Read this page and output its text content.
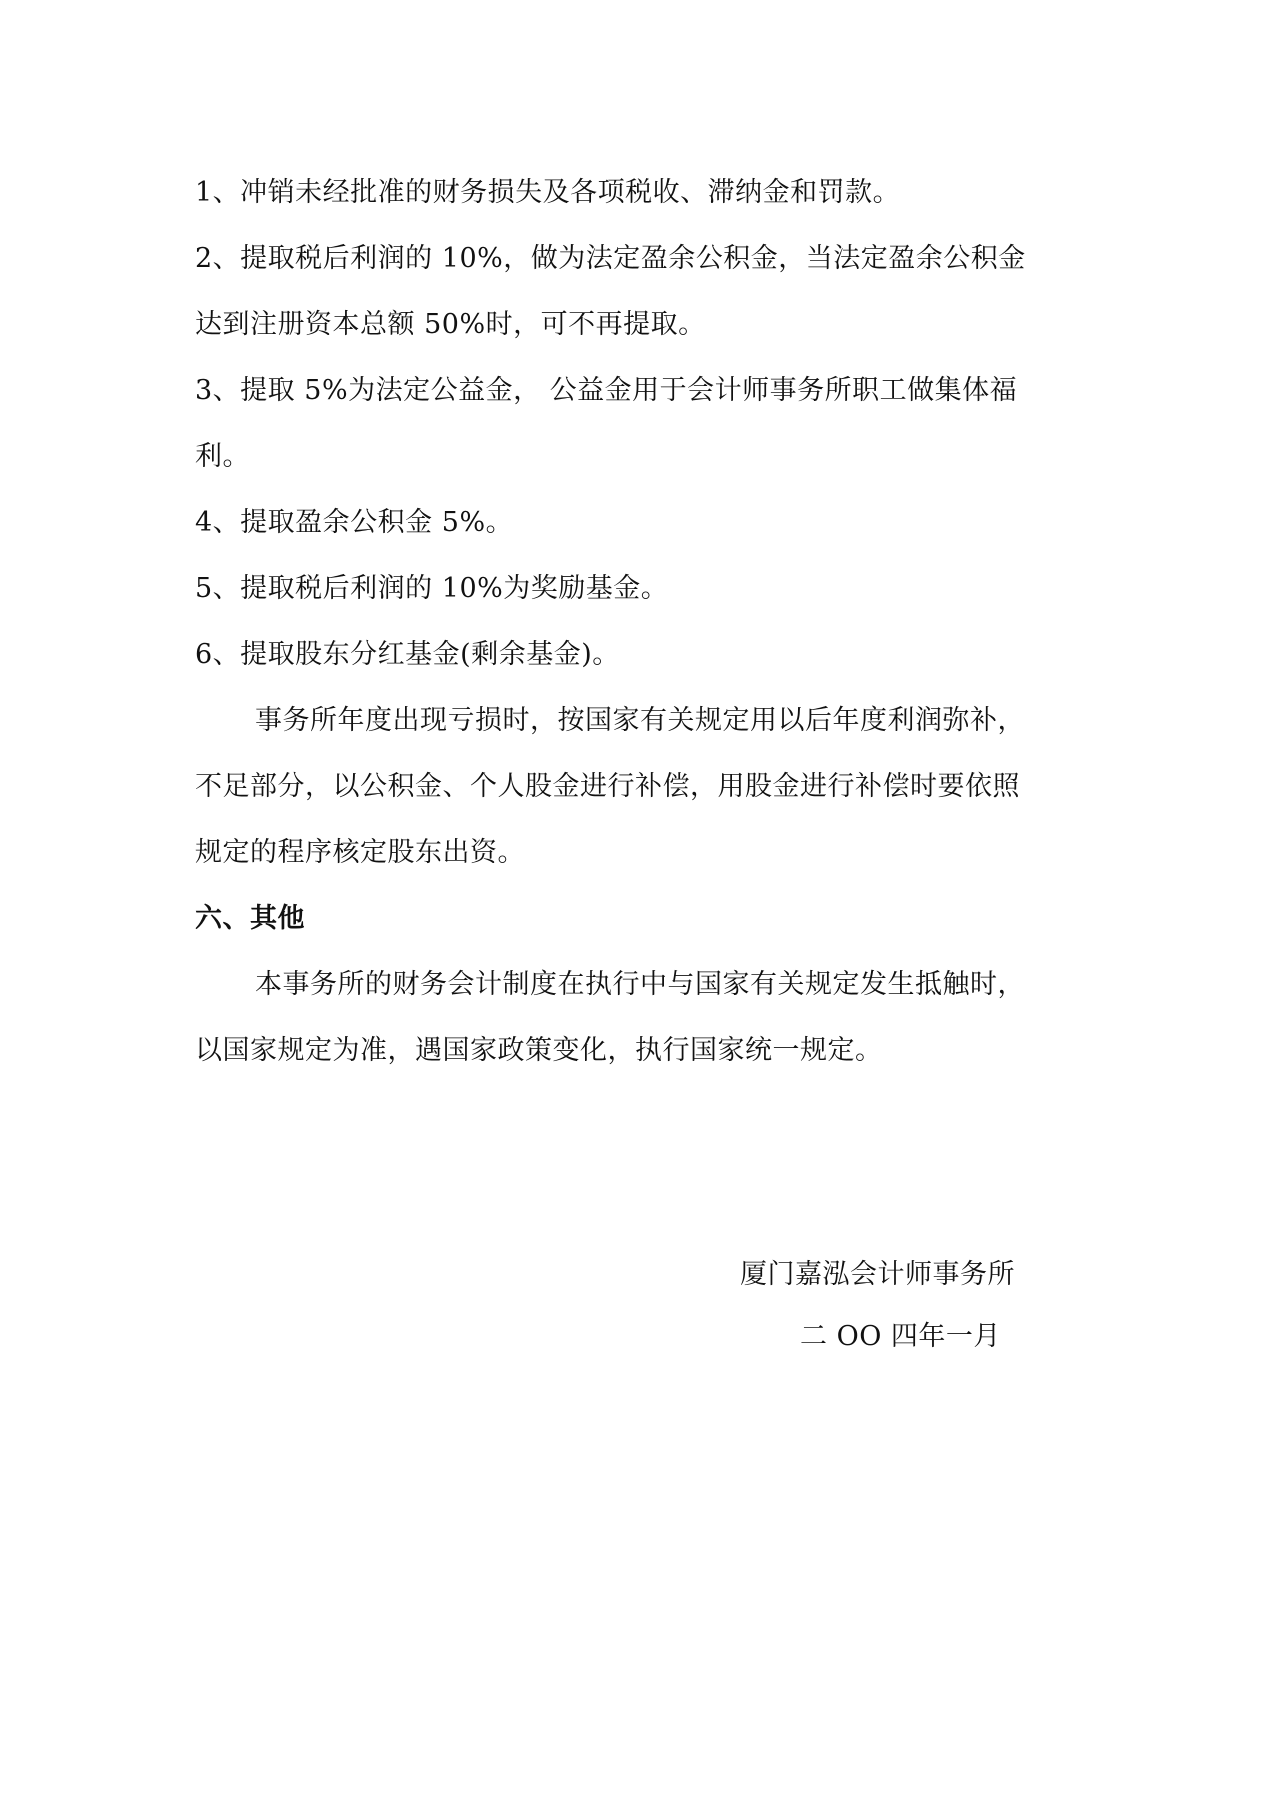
1、冲销未经批准的财务损失及各项税收、滞纳金和罚款。
2、提取税后利润的 10%，做为法定盈余公积金，当法定盈余公积金
达到注册资本总额 50%时，可不再提取。
3、提取 5%为法定公益金， 公益金用于会计师事务所职工做集体福
利。
4、提取盈余公积金 5%。
5、提取税后利润的 10%为奖励基金。
6、提取股东分红基金(剩余基金)。
事务所年度出现亏损时，按国家有关规定用以后年度利润弥补，
不足部分，以公积金、个人股金进行补偿，用股金进行补偿时要依照
规定的程序核定股东出资。
六、其他
本事务所的财务会计制度在执行中与国家有关规定发生抵触时，
以国家规定为准，遇国家政策变化，执行国家统一规定。
厦门嘉泓会计师事务所
二 OO 四年一月
